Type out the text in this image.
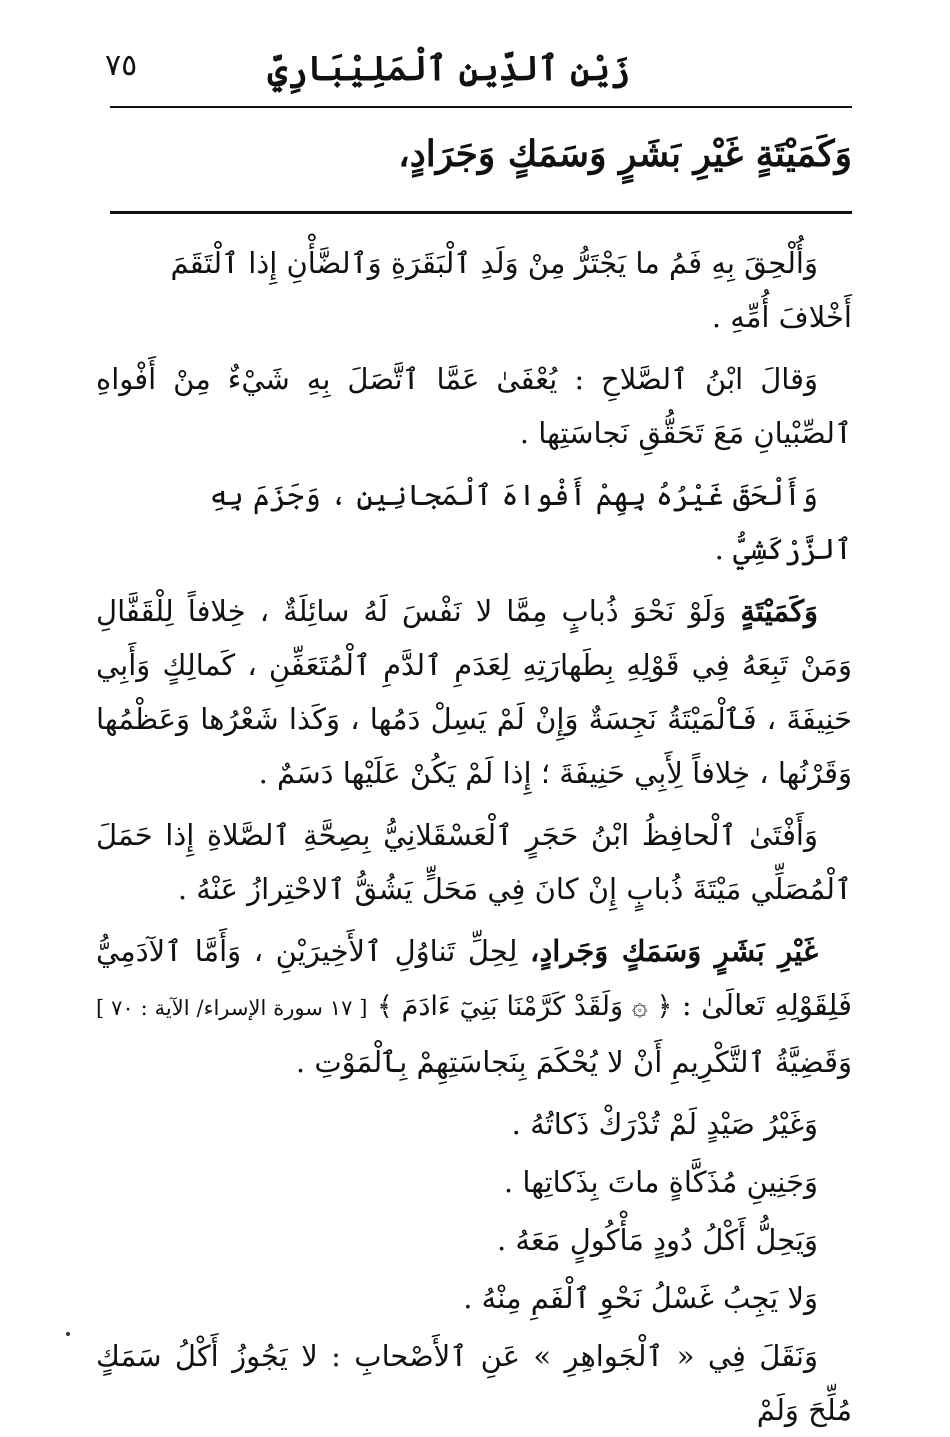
زَيْنِ ٱلدِّينِ ٱلْمَلِيْبَارِيِّ
٧٥
وَكَمَيْتَةٍ غَيْرِ بَشَرٍ وَسَمَكٍ وَجَرَادٍ،

وَأُلْحِقَ بِهِ فَمُ ما يَجْتَرُّ مِنْ وَلَدِ ٱلْبَقَرَةِ وَٱلضَّأْنِ إِذا ٱلْتَقَمَ أَخْلافَ أُمِّهِ .

وَقالَ ابْنُ ٱلصَّلاحِ : يُعْفَىٰ عَمَّا ٱتَّصَلَ بِهِ شَيْءٌ مِنْ أَفْواهِ ٱلصِّبْيانِ مَعَ تَحَقُّقِ نَجاسَتِها .

وَأَلْحَقَ غَيْرُهُ بِهِمْ أَفْواهَ ٱلْمَجانِينِ ، وَجَزَمَ بِهِ ٱلزَّرْكَشِيُّ .

وَكَمَيْتَةٍ وَلَوْ نَحْوَ ذُبابٍ مِمَّا لا نَفْسَ لَهُ سائِلَةٌ ، خِلافاً لِلْقَفَّالِ وَمَنْ تَبِعَهُ فِي قَوْلِهِ بِطَهارَتِهِ لِعَدَمِ ٱلدَّمِ ٱلْمُتَعَفِّنِ ، كَمالِكٍ وَأَبِي حَنِيفَةَ ، فَٱلْمَيْتَةُ نَجِسَةٌ وَإِنْ لَمْ يَسِلْ دَمُها ، وَكَذا شَعْرُها وَعَظْمُها وَقَرْنُها ، خِلافاً لِأَبِي حَنِيفَةَ ؛ إِذا لَمْ يَكُنْ عَلَيْها دَسَمٌ .

وَأَفْتَىٰ ٱلْحافِظُ ابْنُ حَجَرٍ ٱلْعَسْقَلانِيُّ بِصِحَّةِ ٱلصَّلاةِ إِذا حَمَلَ ٱلْمُصَلِّي مَيْتَةَ ذُبابٍ إِنْ كانَ فِي مَحَلٍّ يَشُقُّ ٱلاحْتِرازُ عَنْهُ .

غَيْرِ بَشَرٍ وَسَمَكٍ وَجَرادٍ، لِحِلِّ تَناوُلِ ٱلأَخِيرَيْنِ ، وَأَمَّا ٱلآدَمِيُّ فَلِقَوْلِهِ تَعالَىٰ : ﴿ ۞ وَلَقَدْ كَرَّمْنَا بَنِيٓ ءَادَمَ ﴾ [ ١٧ سورة الإسراء/ الآية : ٧٠ ] وَقَضِيَّةُ ٱلتَّكْرِيمِ أَنْ لا يُحْكَمَ بِنَجاسَتِهِمْ بِٱلْمَوْتِ .

وَغَيْرُ صَيْدٍ لَمْ تُدْرَكْ ذَكاتُهُ .

وَجَنِينِ مُذَكَّاةٍ ماتَ بِذَكاتِها .

وَيَحِلُّ أَكْلُ دُودٍ مَأْكُولٍ مَعَهُ .

وَلا يَجِبُ غَسْلُ نَحْوِ ٱلْفَمِ مِنْهُ .

وَنَقَلَ فِي « ٱلْجَواهِرِ » عَنِ ٱلأَصْحابِ : لا يَجُوزُ أَكْلُ سَمَكٍ مُلِّحَ وَلَمْ
